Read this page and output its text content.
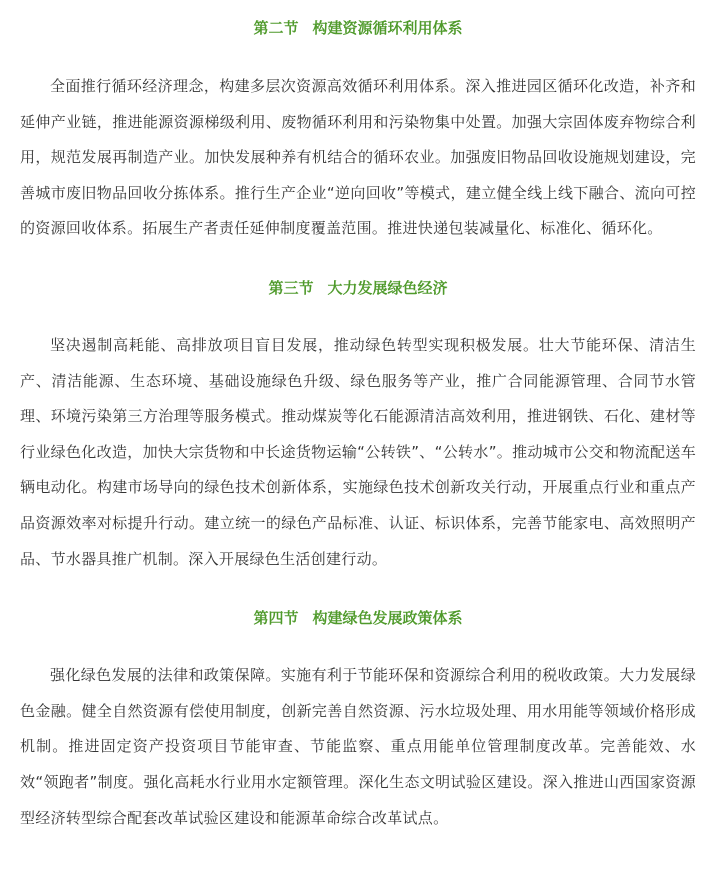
第二节 构建资源循环利用体系

全面推行循环经济理念，构建多层次资源高效循环利用体系。深入推进园区循环化改造，补齐和延伸产业链，推进能源资源梯级利用、废物循环利用和污染物集中处置。加强大宗固体废弃物综合利用，规范发展再制造产业。加快发展种养有机结合的循环农业。加强废旧物品回收设施规划建设，完善城市废旧物品回收分拣体系。推行生产企业“逆向回收”等模式，建立健全线上线下融合、流向可控的资源回收体系。拓展生产者责任延伸制度覆盖范围。推进快递包装减量化、标准化、循环化。

第三节 大力发展绿色经济

坚决遏制高耗能、高排放项目盲目发展，推动绿色转型实现积极发展。壮大节能环保、清洁生产、清洁能源、生态环境、基础设施绿色升级、绿色服务等产业，推广合同能源管理、合同节水管理、环境污染第三方治理等服务模式。推动煤炭等化石能源清洁高效利用，推进钢铁、石化、建材等行业绿色化改造，加快大宗货物和中长途货物运输“公转铁”、“公转水”。推动城市公交和物流配送车辆电动化。构建市场导向的绿色技术创新体系，实施绿色技术创新攻关行动，开展重点行业和重点产品资源效率对标提升行动。建立统一的绿色产品标准、认证、标识体系，完善节能家电、高效照明产品、节水器具推广机制。深入开展绿色生活创建行动。

第四节 构建绿色发展政策体系

强化绿色发展的法律和政策保障。实施有利于节能环保和资源综合利用的税收政策。大力发展绿色金融。健全自然资源有偿使用制度，创新完善自然资源、污水垃圾处理、用水用能等领域价格形成机制。推进固定资产投资项目节能审查、节能监察、重点用能单位管理制度改革。完善能效、水效“领跑者”制度。强化高耗水行业用水定额管理。深化生态文明试验区建设。深入推进山西国家资源型经济转型综合配套改革试验区建设和能源革命综合改革试点。
